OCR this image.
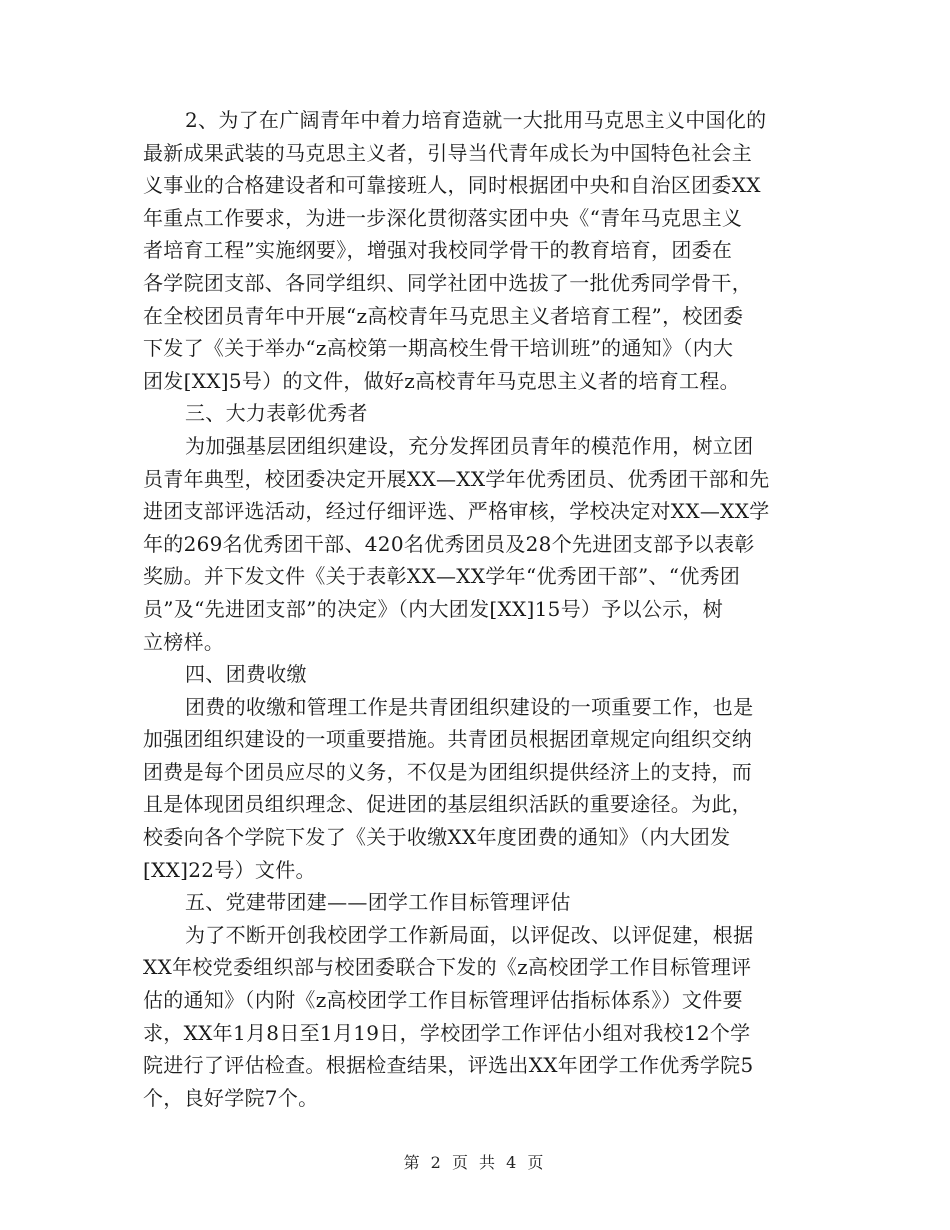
2、为了在广阔青年中着力培育造就一大批用马克思主义中国化的
最新成果武装的马克思主义者，引导当代青年成长为中国特色社会主
义事业的合格建设者和可靠接班人，同时根据团中央和自治区团委XX
年重点工作要求，为进一步深化贯彻落实团中央《“青年马克思主义
者培育工程”实施纲要》，增强对我校同学骨干的教育培育，团委在
各学院团支部、各同学组织、同学社团中选拔了一批优秀同学骨干，
在全校团员青年中开展“z高校青年马克思主义者培育工程”，校团委
下发了《关于举办“z高校第一期高校生骨干培训班”的通知》（内大
团发[XX]5号）的文件，做好z高校青年马克思主义者的培育工程。
三、大力表彰优秀者
为加强基层团组织建设，充分发挥团员青年的模范作用，树立团
员青年典型，校团委决定开展XX—XX学年优秀团员、优秀团干部和先
进团支部评选活动，经过仔细评选、严格审核，学校决定对XX—XX学
年的269名优秀团干部、420名优秀团员及28个先进团支部予以表彰
奖励。并下发文件《关于表彰XX—XX学年“优秀团干部”、“优秀团
员”及“先进团支部”的决定》（内大团发[XX]15号）予以公示，树
立榜样。
四、团费收缴
团费的收缴和管理工作是共青团组织建设的一项重要工作，也是
加强团组织建设的一项重要措施。共青团员根据团章规定向组织交纳
团费是每个团员应尽的义务，不仅是为团组织提供经济上的支持，而
且是体现团员组织理念、促进团的基层组织活跃的重要途径。为此，
校委向各个学院下发了《关于收缴XX年度团费的通知》（内大团发
[XX]22号）文件。
五、党建带团建——团学工作目标管理评估
为了不断开创我校团学工作新局面，以评促改、以评促建，根据
XX年校党委组织部与校团委联合下发的《z高校团学工作目标管理评
估的通知》（内附《z高校团学工作目标管理评估指标体系》）文件要
求，XX年1月8日至1月19日，学校团学工作评估小组对我校12个学
院进行了评估检查。根据检查结果，评选出XX年团学工作优秀学院5
个，良好学院7个。
第 2 页 共 4 页
